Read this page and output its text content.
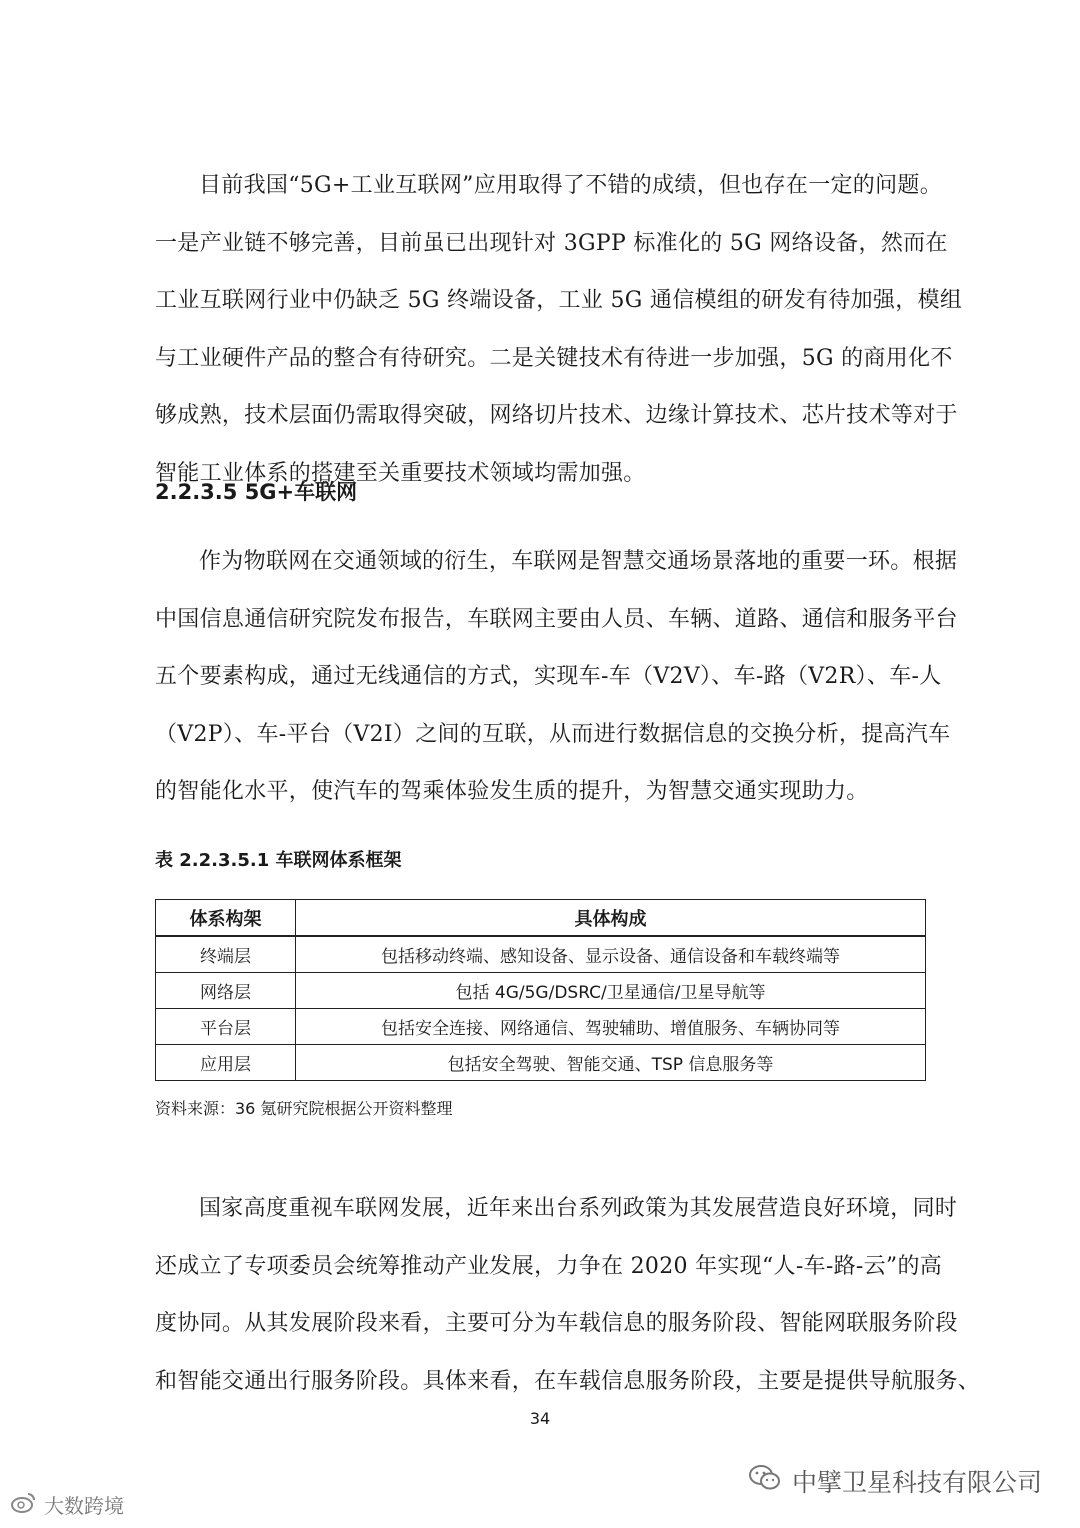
目前我国“5G+工业互联网”应用取得了不错的成绩，但也存在一定的问题。
一是产业链不够完善，目前虽已出现针对 3GPP 标准化的 5G 网络设备，然而在
工业互联网行业中仍缺乏 5G 终端设备，工业 5G 通信模组的研发有待加强，模组
与工业硬件产品的整合有待研究。二是关键技术有待进一步加强，5G 的商用化不
够成熟，技术层面仍需取得突破，网络切片技术、边缘计算技术、芯片技术等对于
智能工业体系的搭建至关重要技术领域均需加强。

2.2.3.5 5G+车联网

作为物联网在交通领域的衍生，车联网是智慧交通场景落地的重要一环。根据
中国信息通信研究院发布报告，车联网主要由人员、车辆、道路、通信和服务平台
五个要素构成，通过无线通信的方式，实现车-车（V2V）、车-路（V2R）、车-人
（V2P）、车-平台（V2I）之间的互联，从而进行数据信息的交换分析，提高汽车
的智能化水平，使汽车的驾乘体验发生质的提升，为智慧交通实现助力。

表 2.2.3.5.1 车联网体系框架

体系构架	具体构成
终端层	包括移动终端、感知设备、显示设备、通信设备和车载终端等
网络层	包括 4G/5G/DSRC/卫星通信/卫星导航等
平台层	包括安全连接、网络通信、驾驶辅助、增值服务、车辆协同等
应用层	包括安全驾驶、智能交通、TSP 信息服务等

资料来源：36 氪研究院根据公开资料整理

国家高度重视车联网发展，近年来出台系列政策为其发展营造良好环境，同时
还成立了专项委员会统筹推动产业发展，力争在 2020 年实现“人-车-路-云”的高
度协同。从其发展阶段来看，主要可分为车载信息的服务阶段、智能网联服务阶段
和智能交通出行服务阶段。具体来看，在车载信息服务阶段，主要是提供导航服务、

34
中擘卫星科技有限公司
大数跨境
